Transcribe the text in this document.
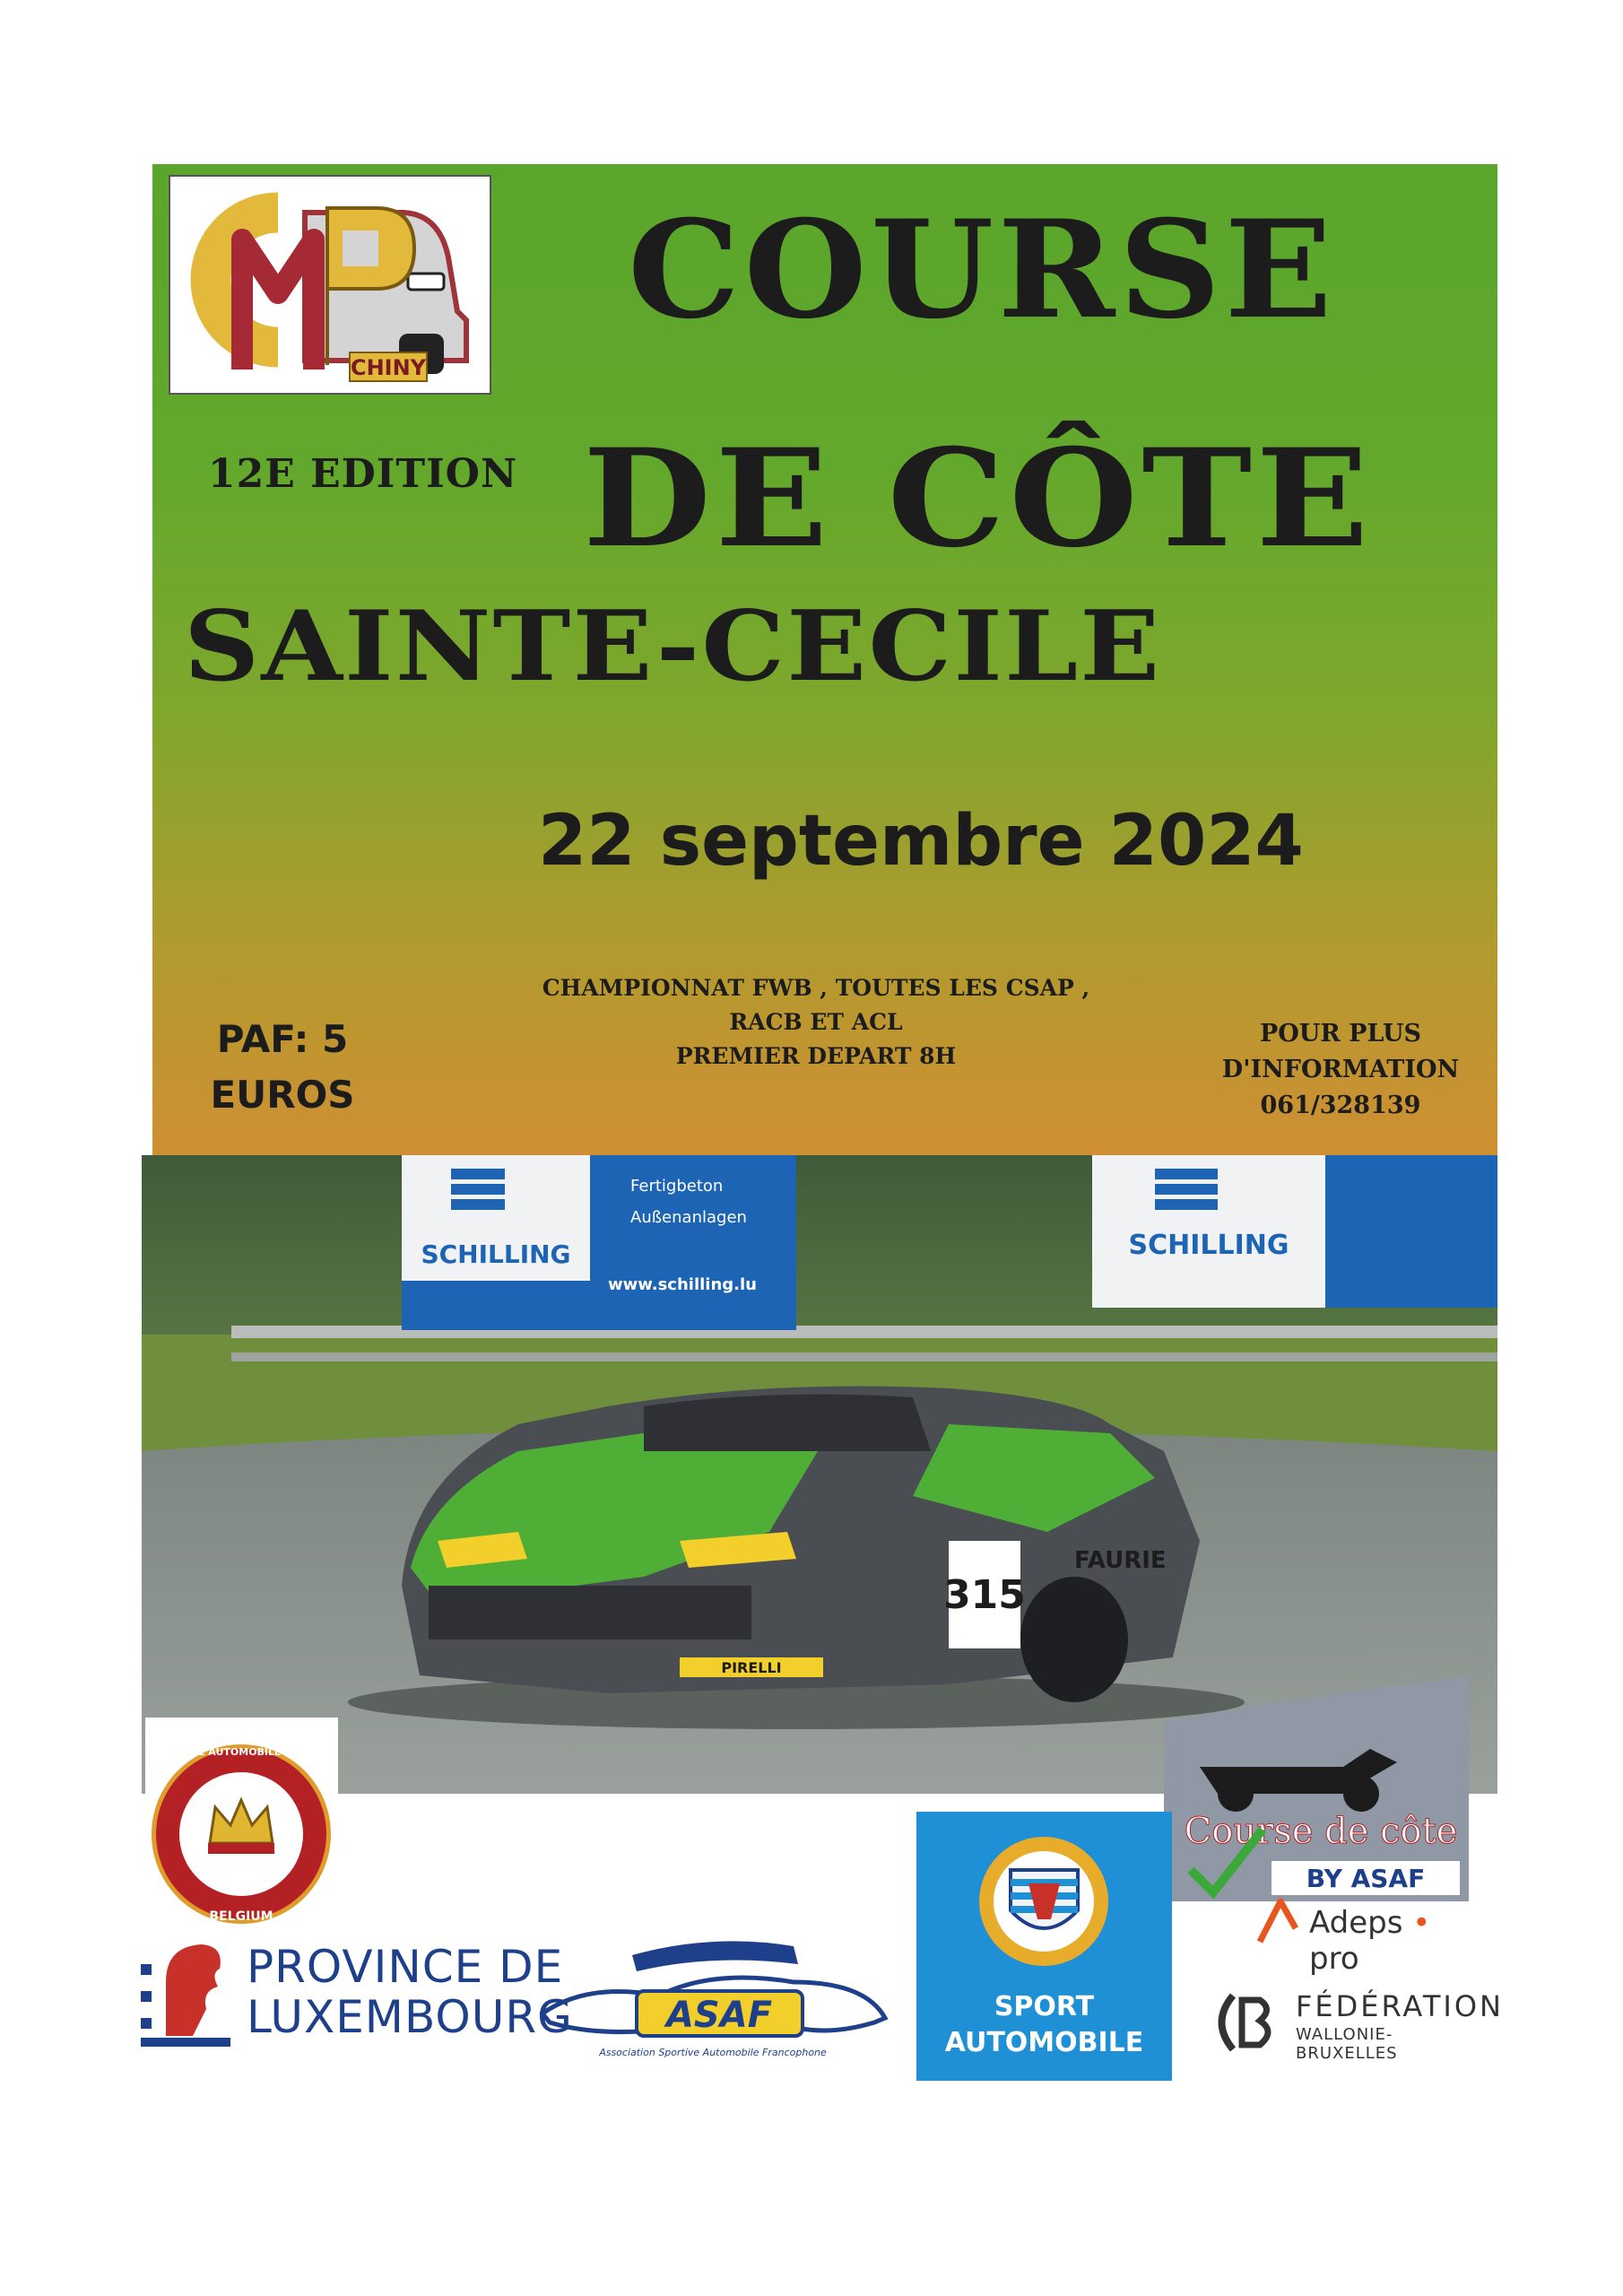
CHINY
COURSE
12E EDITION DE CÔTE
SAINTE-CECILE
22 septembre 2024
CHAMPIONNAT FWB , TOUTES LES CSAP ,
RACB ET ACL
PREMIER DEPART 8H
PAF: 5
EUROS
POUR PLUS
D'INFORMATION
061/328139
SCHILLING
Fertigbeton
Außenanlagen
www.schilling.lu
SCHILLING
315
FAURIE
PIRELLI
BELGIUM
ROYAL AUTOMOBILE CLUB
Course de côte
BY ASAF
SPORT
AUTOMOBILE
PROVINCE DE
LUXEMBOURG	ASAF
Association Sportive Automobile Francophone
Adeps • pro
FÉDÉRATION
WALLONIE-BRUXELLES
